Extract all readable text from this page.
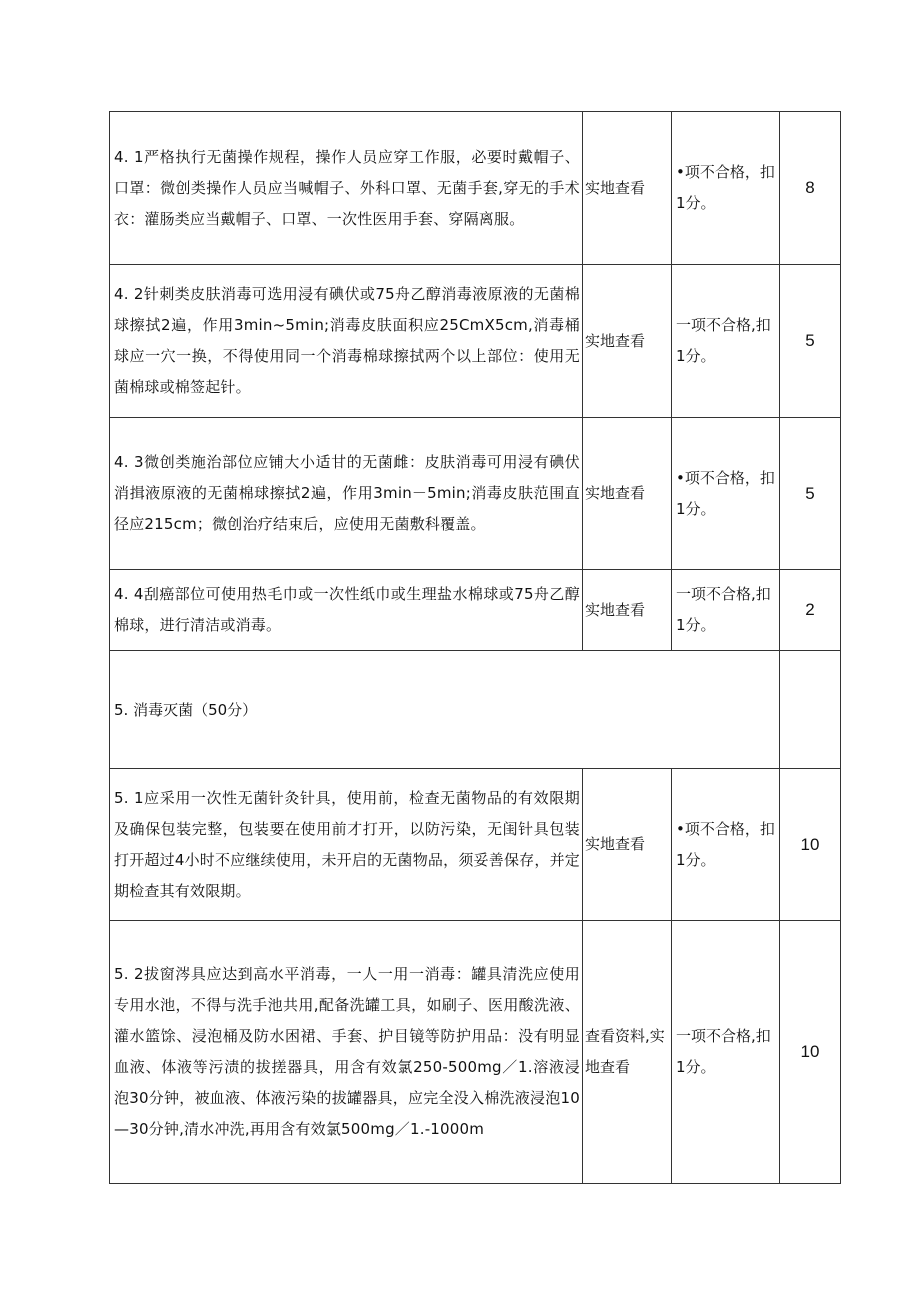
4. 1严格执行无菌操作规程，操作人员应穿工作服，必要时戴帽子、口罩：微创类操作人员应当喊帽子、外科口罩、无菌手套,穿无的手术衣：灌肠类应当戴帽子、口罩、一次性医用手套、穿隔离服。	实地查看	•项不合格，扣1分。	8
4. 2针刺类皮肤消毒可选用浸有碘伏或75舟乙醇消毒液原液的无菌棉球擦拭2遍，作用3min~5min;消毒皮肤面积应25CmX5cm,消毒桶球应一穴一换，不得使用同一个消毒棉球擦拭两个以上部位：使用无菌棉球或棉签起针。	实地查看	一项不合格,扣1分。	5
4. 3微创类施治部位应铺大小适甘的无菌雌：皮肤消毒可用浸有碘伏消揖液原液的无菌棉球擦拭2遍，作用3min－5min;消毒皮肤范围直径应215cm；微创治疗结束后，应使用无菌敷科覆盖。	实地查看	•项不合格，扣1分。	5
4. 4刮癌部位可使用热毛巾或一次性纸巾或生理盐水棉球或75舟乙醇棉球，进行清洁或消毒。	实地查看	一项不合格,扣1分。	2
5. 消毒灭菌（50分）			
5. 1应采用一次性无菌针灸针具，使用前，检查无菌物品的有效限期及确保包装完整，包装要在使用前才打开，以防污染，无闺针具包装打开超过4小时不应继续使用，未开启的无菌物品，须妥善保存，并定期检查其有效限期。	实地查看	•项不合格，扣1分。	10
5. 2拔窗涔具应达到高水平消毒，一人一用一消毒：罐具清洗应使用专用水池，不得与洗手池共用,配备洗罐工具，如刷子、医用酸洗液、灌水篮馀、浸泡桶及防水困裙、手套、护目镜等防护用品：没有明显血液、体液等污渍的拔搓器具，用含有效氯250-500mg／1.溶液浸泡30分钟，被血液、体液污染的拔罐器具，应完全没入棉洗液浸泡10—30分钟,清水冲洗,再用含有效氯500mg／1.-1000m	查看资料,实地查看	一项不合格,扣1分。	10
